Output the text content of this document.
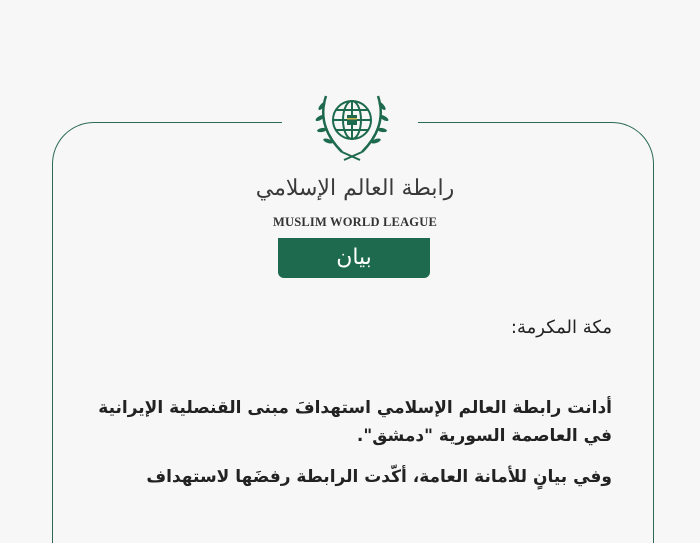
رابطة العالم الإسلامي
MUSLIM WORLD LEAGUE
بيان
مكة المكرمة:
أدانت رابطة العالم الإسلامي استهدافَ مبنى القنصلية الإيرانية
في العاصمة السورية "دمشق".
وفي بيانٍ للأمانة العامة، أكّدت الرابطة رفضَها لاستهداف
